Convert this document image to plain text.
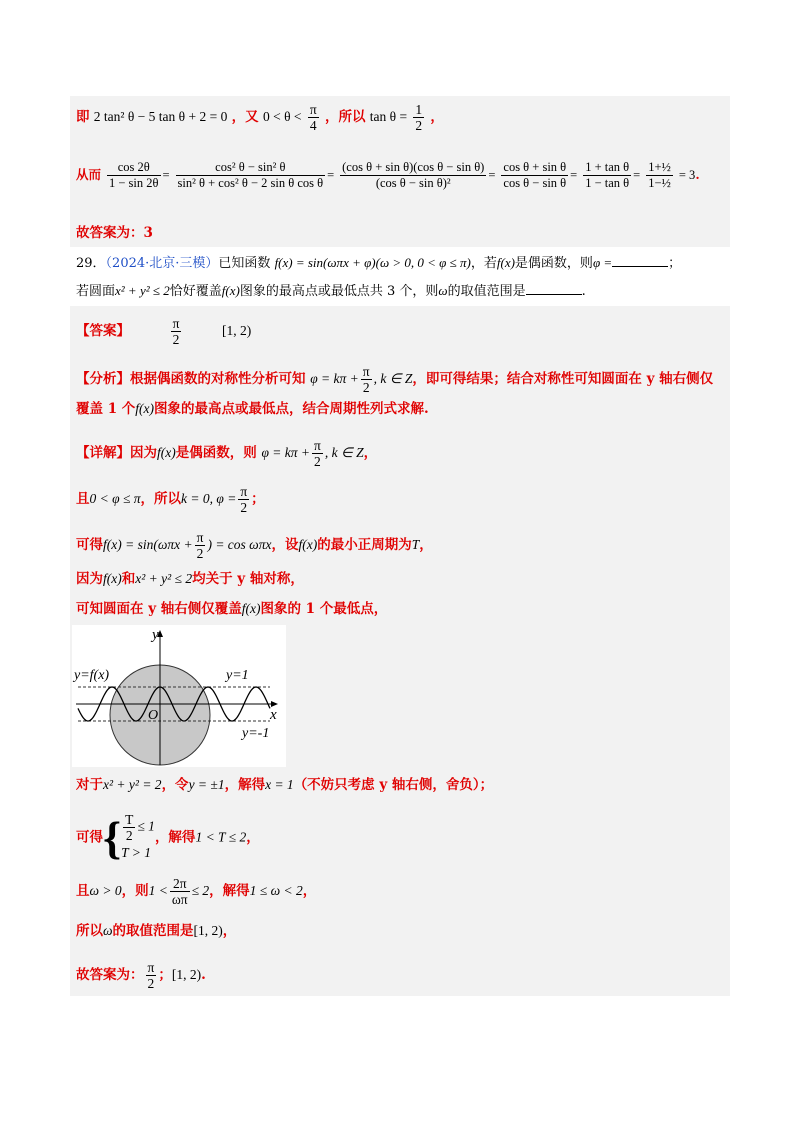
即 2 tan² θ − 5 tan θ + 2 = 0 ，又 $0 < \theta < \frac{\pi}{4}$ ，所以 $\tan \theta = \frac{1}{2}$ ，
从而 $\frac{\cos 2\theta}{1 - \sin 2\theta} = \frac{\text{cos² θ − sin² θ}}{\text{sin² θ + cos² θ − 2 sin θ cos θ}} = \frac{\text{(cos θ + sin θ)(cos θ − sin θ)}}{\text{(cos θ − sin θ)²}} = \frac{\text{cos θ + sin θ}}{\text{cos θ − sin θ}} = \frac{\text{1 + tan θ}}{\text{1 − tan θ}} = \frac{\text{1+½}}{\text{1−½}} = 3$.
故答案为：3
29．（2024·北京·三模）已知函数 f(x) = sin(ωπx + φ)(ω > 0, 0 < φ ≤ π)，若f(x)是偶函数，则φ =	；
若圆面x² + y² ≤ 2恰好覆盖f(x)图象的最高点或最低点共 3 个，则ω的取值范围是	.
【答案】	$\frac{\pi}{2}$	[1, 2)
【分析】根据偶函数的对称性分析可知 $\varphi = k\pi + \frac{\pi}{2}$ , k ∈ Z，即可得结果；结合对称性可知圆面在 y 轴右侧仅
覆盖 1 个f(x)图象的最高点或最低点，结合周期性列式求解.
【详解】因为f(x)是偶函数，则 $\varphi = k\pi + \frac{\pi}{2}$ , k ∈ Z，
且0 < φ ≤ π，所以k = 0, $\varphi = \frac{\pi}{2}$ ；
可得$f(x) = \sin(\omega\pi x + \frac{\pi}{2}$ ) = cos ωπx，设f(x)的最小正周期为T，
因为f(x)和x² + y² ≤ 2均关于 y 轴对称，
可知圆面在 y 轴右侧仅覆盖f(x)图象的 1 个最低点，
y
x
y=f(x)	y=1
y=-1
O
对于x² + y² = 2，令y = ±1，解得x = 1（不妨只考虑 y 轴右侧，舍负）；
可得{ $\frac{T}{2} \le 1$
T > 1
，解得1 < T ≤ 2，
且ω > 0，则$1 < \frac{2\pi}{\omega\pi} \le 2$，解得1 ≤ ω < 2，
所以ω的取值范围是[1, 2)，
故答案为： $\frac{\pi}{2}$ ；[1, 2).
